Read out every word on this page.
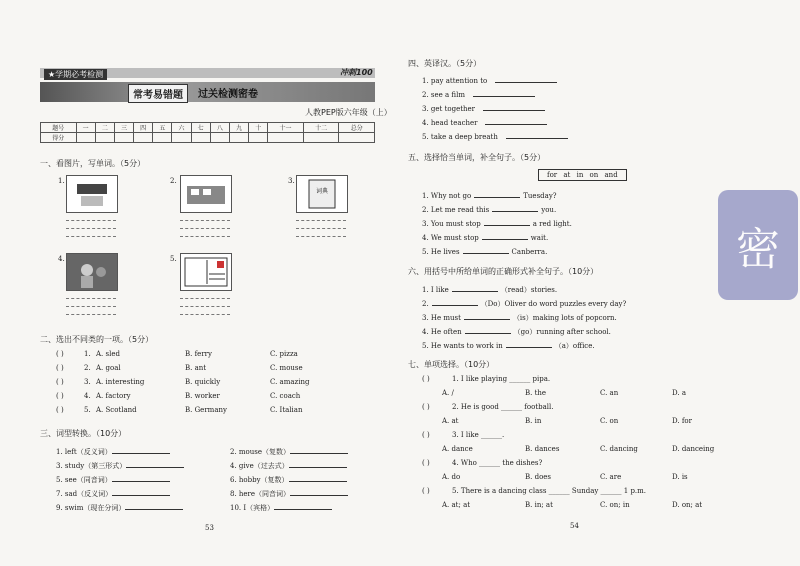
★学期必考检测	冲刺100
常考易错题	过关检测密卷
人教PEP版六年级（上）
题号	一	二	三	四	五	六	七	八	九	十	十一	十二	总分
得分													
一、看图片，写单词。（5分）
1.	2.	3.
词典
4.	5.
二、选出不同类的一项。（5分）
( )	1. A. sled	B. ferry	C. pizza
( )	2. A. goal	B. ant	C. mouse
( )	3. A. interesting	B. quickly	C. amazing
( )	4. A. factory	B. worker	C. coach
( )	5. A. Scotland	B. Germany	C. Italian
三、词型转换。（10分）
1. left（反义词）	2. mouse（复数）
3. study（第三形式）	4. give（过去式）
5. see（同音词）	6. hobby（复数）
7. sad（反义词）	8. here（同音词）
9. swim（现在分词）	10. I（宾格）
53
四、英译汉。（5分）
1. pay attention to
2. see a film
3. get together
4. head teacher
5. take a deep breath
五、选择恰当单词，补全句子。（5分）
for at in on and
1. Why not go	Tuesday?
2. Let me read this	you.
3. You must stop	a red light.
4. We must stop	wait.
5. He lives	Canberra.
六、用括号中所给单词的正确形式补全句子。（10分）
1. I like	（read）stories.
2.	（Do）Oliver do word puzzles every day?
3. He must	（is）making lots of popcorn.
4. He often	（go）running after school.
5. He wants to work in	（a）office.
七、单项选择。（10分）
( )	1. I like playing ______ pipa.
A. /	B. the	C. an	D. a
( )	2. He is good ______ football.
A. at	B. in	C. on	D. for
( )	3. I like ______.
A. dance	B. dances	C. dancing	D. danceing
( )	4. Who ______ the dishes?
A. do	B. does	C. are	D. is
( )	5. There is a dancing class ______ Sunday ______ 1 p.m.
A. at; at	B. in; at	C. on; in	D. on; at
54
密
